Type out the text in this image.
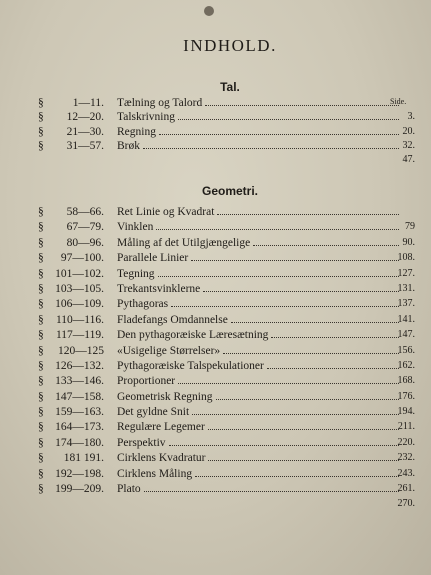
INDHOLD.
Tal.
Side.
§	1—11. Tælning og Talord
§	12—20. Talskrivning	3.
§	21—30. Regning	20.
§	31—57. Brøk	32.
47.
Geometri.
§	58—66. Ret Linie og Kvadrat
§	67—79. Vinklen	79
§	80—96. Måling af det Utilgjængelige	90.
§	97—100. Parallele Linier	108.
§ 101—102. Tegning	127.
§ 103—105. Trekantsvinklerne	131.
§ 106—109. Pythagoras	137.
§	110—116. Fladefangs Omdannelse	141.
§	117—119. Den pythagoræiske Læresætning	147.
§	120—125 «Usigelige Størrelser»	156.
§ 126—132. Pythagoræiske Talspekulationer	162.
§ 133—146. Proportioner	168.
§ 147—158. Geometrisk Regning	176.
§ 159—163. Det gyldne Snit	194.
§ 164—173. Regulære Legemer	211.
§ 174—180. Perspektiv	220.
§	181 191. Cirklens Kvadratur	232.
§ 192—198. Cirklens Måling	243.
§ 199—209. Plato	261.
270.
